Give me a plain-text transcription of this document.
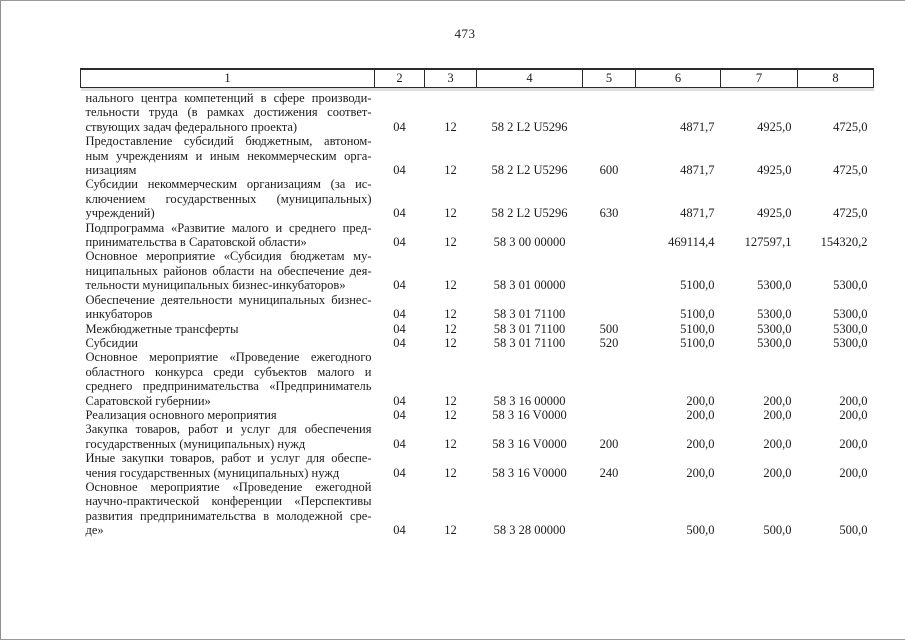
473
1	2	3	4	5	6	7	8

нального центра компетенций в сфере производи-
тельности труда (в рамках достижения соответ-
ствующих задач федерального проекта)	04	12	58 2 L2 U5296		4871,7	4925,0	4725,0

Предоставление субсидий бюджетным, автоном-
ным учреждениям и иным некоммерческим орга-
низациям	04	12	58 2 L2 U5296	600	4871,7	4925,0	4725,0

Субсидии некоммерческим организациям (за ис-
ключением государственных (муниципальных)
учреждений)	04	12	58 2 L2 U5296	630	4871,7	4925,0	4725,0

Подпрограмма «Развитие малого и среднего пред-
принимательства в Саратовской области»	04	12	58 3 00 00000		469114,4	127597,1	154320,2

Основное мероприятие «Субсидия бюджетам му-
ниципальных районов области на обеспечение дея-
тельности муниципальных бизнес-инкубаторов»	04	12	58 3 01 00000		5100,0	5300,0	5300,0

Обеспечение деятельности муниципальных бизнес-
инкубаторов	04	12	58 3 01 71100		5100,0	5300,0	5300,0

Межбюджетные трансферты	04	12	58 3 01 71100	500	5100,0	5300,0	5300,0

Субсидии	04	12	58 3 01 71100	520	5100,0	5300,0	5300,0

Основное мероприятие «Проведение ежегодного
областного конкурса среди субъектов малого и
среднего предпринимательства «Предприниматель
Саратовской губернии»	04	12	58 3 16 00000		200,0	200,0	200,0

Реализация основного мероприятия	04	12	58 3 16 V0000		200,0	200,0	200,0

Закупка товаров, работ и услуг для обеспечения
государственных (муниципальных) нужд	04	12	58 3 16 V0000	200	200,0	200,0	200,0

Иные закупки товаров, работ и услуг для обеспе-
чения государственных (муниципальных) нужд	04	12	58 3 16 V0000	240	200,0	200,0	200,0

Основное мероприятие «Проведение ежегодной
научно-практической конференции «Перспективы
развития предпринимательства в молодежной сре-
де»	04	12	58 3 28 00000		500,0	500,0	500,0
